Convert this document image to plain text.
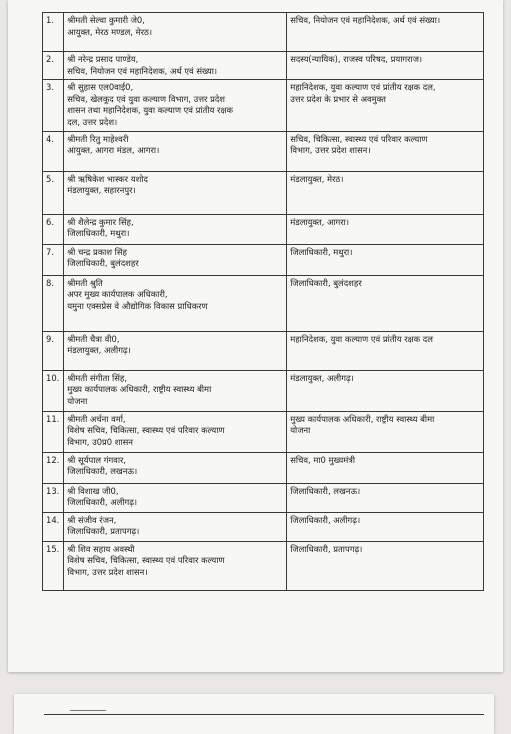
1.	श्रीमती सेल्वा कुमारी जे0,
आयुक्त, मेरठ मण्डल, मेरठ।	सचिव, नियोजन एवं महानिदेशक, अर्थ एवं संख्या।

2.	श्री नरेन्द्र प्रसाद पाण्डेय,
सचिव, नियोजन एवं महानिदेशक, अर्थ एवं संख्या।	सदस्य(न्यायिक), राजस्व परिषद, प्रयागराज।

3.	श्री सुहास एल0वाई0,
सचिव, खेलकूद एवं युवा कल्याण विभाग, उत्तर प्रदेश
शासन तथा महानिदेशक, युवा कल्याण एवं प्रांतीय रक्षक
दल, उत्तर प्रदेश।	महानिदेशक, युवा कल्याण एवं प्रांतीय रक्षक दल,
उत्तर प्रदेश के प्रभार से अवमुक्त

4.	श्रीमती रितु माहेश्वरी
आयुक्त, आगरा मंडल, आगरा।	सचिव, चिकित्सा, स्वास्थ्य एवं परिवार कल्याण
विभाग, उत्तर प्रदेश शासन।

5.	श्री ऋषिकेश भास्कर यशोद
मंडलायुक्त, सहारनपुर।	मंडलायुक्त, मेरठ।

6.	श्री शैलेन्द्र कुमार सिंह,
जिलाधिकारी, मथुरा।	मंडलायुक्त, आगरा।

7.	श्री चन्द्र प्रकाश सिंह
जिलाधिकारी, बुलंदशहर	जिलाधिकारी, मथुरा।

8.	श्रीमती श्रुति
अपर मुख्य कार्यपालक अधिकारी,
यमुना एक्सप्रेस वे औद्योगिक विकास प्राधिकरण	जिलाधिकारी, बुलंदशहर

9.	श्रीमती चैत्रा वी0,
मंडलायुक्त, अलीगढ़।	महानिदेशक, युवा कल्याण एवं प्रांतीय रक्षक दल

10.	श्रीमती संगीता सिंह,
मुख्य कार्यपालक अधिकारी, राष्ट्रीय स्वास्थ्य बीमा
योजना	मंडलायुक्त, अलीगढ़।

11.	श्रीमती अर्चना वर्मा,
विशेष सचिव, चिकित्सा, स्वास्थ्य एवं परिवार कल्याण
विभाग, उ0प्र0 शासन	मुख्य कार्यपालक अधिकारी, राष्ट्रीय स्वास्थ्य बीमा
योजना

12.	श्री सूर्यपाल गंगवार,
जिलाधिकारी, लखनऊ।	सचिव, मा0 मुख्यमंत्री

13.	श्री विशाख जी0,
जिलाधिकारी, अलीगढ़।	जिलाधिकारी, लखनऊ।

14.	श्री संजीव रंजन,
जिलाधिकारी, प्रतापगढ़।	जिलाधिकारी, अलीगढ़।

15.	श्री शिव सहाय अवस्थी
विशेष सचिव, चिकित्सा, स्वास्थ्य एवं परिवार कल्याण
विभाग, उत्तर प्रदेश शासन।	जिलाधिकारी, प्रतापगढ़।
